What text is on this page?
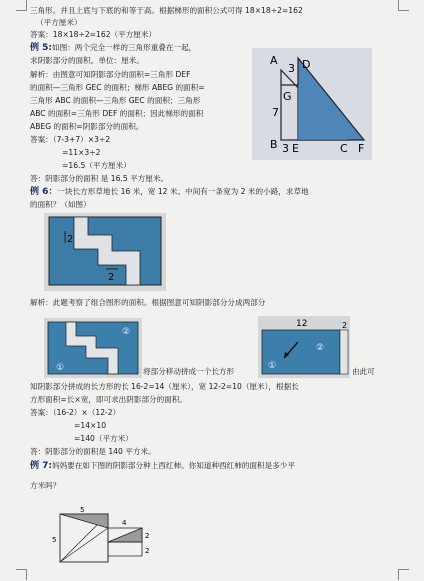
三角形。并且上底与下底的和等于高。根据梯形的面积公式可得 18×18÷2=162
（平方厘米）
答案：18×18÷2=162（平方厘米）
例 5:如图：两个完全一样的三角形重叠在一起，
求阴影部分的面积。单位：厘米。
解析：由图意可知阴影部分的面积=三角形 DEF
的面积—三角形 GEC 的面积；梯形 ABEG 的面积=
三角形 ABC 的面积—三角形 GEC 的面积；三角形
ABC 的面积=三角形 DEF 的面积；因此梯形的面积
ABEG 的面积=阴影部分的面积。
答案：（7-3+7）×3÷2
=11×3÷2
=16.5（平方厘米）
答：阴影部分的面积 是 16.5 平方厘米。
A
B
3 D
G
7
3 E	C F
例 6：一块长方形草地长 16 米，宽 12 米。中间有一条宽为 2 米的小路，求草地
的面积？（如图）
2
2
解析：此题考察了组合图形的面积。根据图意可知阴影部分分成两部分
①
②
将部分移动拼成一个长方形
12	2
①
②
由此可
知阴影部分拼成的长方形的长 16-2=14（厘米），宽 12-2=10（厘米），根据长
方形面积=长×宽，即可求出阴影部分的面积。
答案：（16-2）×（12-2）
=14×10
=140（平方米）
答：阴影部分的面积是 140 平方米。
例 7:妈妈要在如下图的阴影部分种上西红柿。你知道种西红柿的面积是多少平
方米吗？
5
4
5	2
2
